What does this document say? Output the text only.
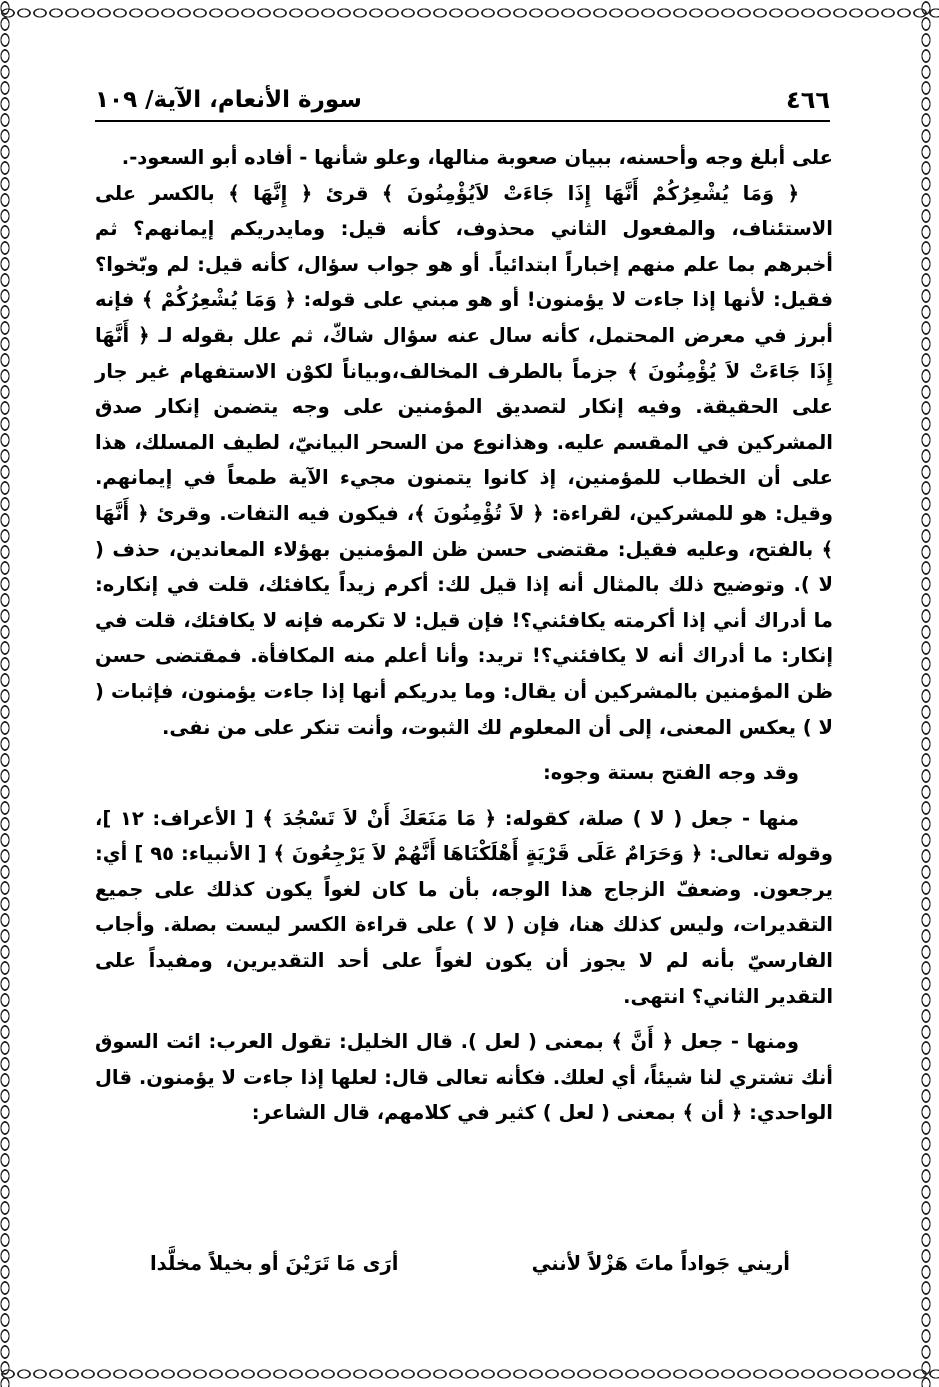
٤٦٦
سورة الأنعام، الآية/ ١٠٩

على أبلغ وجه وأحسنه، ببيان صعوبة منالها، وعلو شأنها - أفاده أبو السعود-.

﴿ وَمَا يُشْعِرُكُمْ أَنَّهَا إِذَا جَاءَتْ لاَيُؤْمِنُونَ ﴾ قرئ ﴿ إِنَّهَا ﴾ بالكسر على الاستئناف، والمفعول الثاني محذوف، كأنه قيل: ومايدريكم إيمانهم؟ ثم أخبرهم بما علم منهم إخباراً ابتدائياً. أو هو جواب سؤال، كأنه قيل: لم وبّخوا؟ فقيل: لأنها إذا جاءت لا يؤمنون! أو هو مبني على قوله: ﴿ وَمَا يُشْعِرُكُمْ ﴾ فإنه أبرز في معرض المحتمل، كأنه سال عنه سؤال شاكّ، ثم علل بقوله لـ ﴿ أَنَّهَا إِذَا جَاءَتْ لاَ يُؤْمِنُونَ ﴾ جزماً بالطرف المخالف،وبياناً لكوْن الاستفهام غير جار على الحقيقة. وفيه إنكار لتصديق المؤمنين على وجه يتضمن إنكار صدق المشركين في المقسم عليه. وهذانوع من السحر البيانيّ، لطيف المسلك، هذا على أن الخطاب للمؤمنين، إذ كانوا يتمنون مجيء الآية طمعاً في إيمانهم. وقيل: هو للمشركين، لقراءة: ﴿ لاَ تُؤْمِنُونَ ﴾، فيكون فيه التفات. وقرئ ﴿ أَنَّهَا ﴾ بالفتح، وعليه فقيل: مقتضى حسن ظن المؤمنين بهؤلاء المعاندين، حذف ( لا ). وتوضيح ذلك بالمثال أنه إذا قيل لك: أكرم زيداً يكافئك، قلت في إنكاره: ما أدراك أني إذا أكرمته يكافئني؟! فإن قيل: لا تكرمه فإنه لا يكافئك، قلت في إنكار: ما أدراك أنه لا يكافئني؟! تريد: وأنا أعلم منه المكافأة. فمقتضى حسن ظن المؤمنين بالمشركين أن يقال: وما يدريكم أنها إذا جاءت يؤمنون، فإثبات ( لا ) يعكس المعنى، إلى أن المعلوم لك الثبوت، وأنت تنكر على من نفى.

وقد وجه الفتح بستة وجوه:

منها - جعل ( لا ) صلة، كقوله: ﴿ مَا مَنَعَكَ أَنْ لاَ تَسْجُدَ ﴾ [ الأعراف: ١٢ ]، وقوله تعالى: ﴿ وَحَرَامٌ عَلَى قَرْيَةٍ أَهْلَكْنَاهَا أَنَّهُمْ لاَ يَرْجِعُونَ ﴾ [ الأنبياء: ٩٥ ] أي: يرجعون. وضعفّ الزجاج هذا الوجه، بأن ما كان لغواً يكون كذلك على جميع التقديرات، وليس كذلك هنا، فإن ( لا ) على قراءة الكسر ليست بصلة. وأجاب الفارسيّ بأنه لم لا يجوز أن يكون لغواً على أحد التقديرين، ومفيداً على التقدير الثاني؟ انتهى.

ومنها - جعل ﴿ أَنَّ ﴾ بمعنى ( لعل ). قال الخليل: تقول العرب: ائت السوق أنك تشتري لنا شيئاً، أي لعلك. فكأنه تعالى قال: لعلها إذا جاءت لا يؤمنون. قال الواحدي: ﴿ أن ﴾ بمعنى ( لعل ) كثير في كلامهم، قال الشاعر:

أريني جَواداً ماتَ هَزْلاً لأنني
أرَى مَا تَرَيْنَ أو بخيلاً مخلَّدا
